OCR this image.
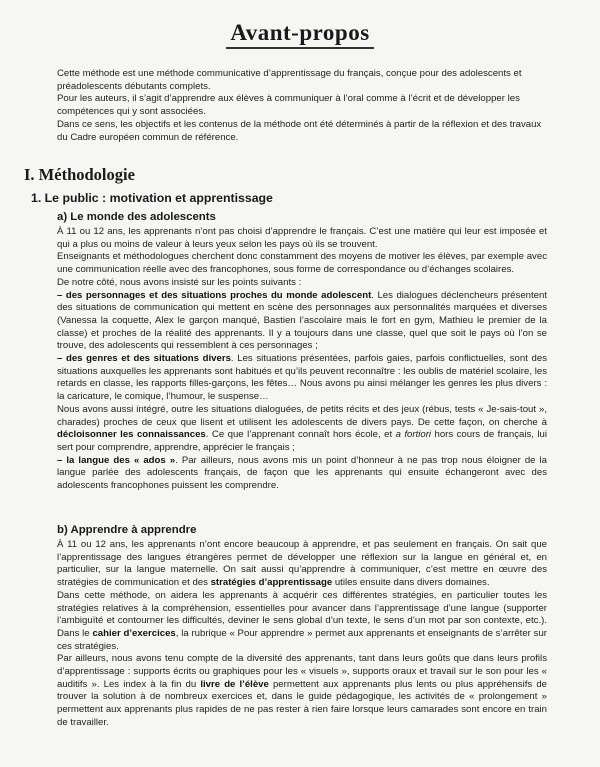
Avant-propos

Cette méthode est une méthode communicative d’apprentissage du français, conçue pour des adolescents et préadolescents débutants complets.

Pour les auteurs, il s’agit d’apprendre aux élèves à communiquer à l’oral comme à l’écrit et de développer les compétences qui y sont associées.

Dans ce sens, les objectifs et les contenus de la méthode ont été déterminés à partir de la réflexion et des travaux du Cadre européen commun de référence.

I. Méthodologie
1. Le public : motivation et apprentissage
a) Le monde des adolescents

À 11 ou 12 ans, les apprenants n’ont pas choisi d’apprendre le français. C’est une matière qui leur est imposée et qui a plus ou moins de valeur à leurs yeux selon les pays où ils se trouvent.

Enseignants et méthodologues cherchent donc constamment des moyens de motiver les élèves, par exemple avec une communication réelle avec des francophones, sous forme de correspondance ou d’échanges scolaires.

De notre côté, nous avons insisté sur les points suivants :

– des personnages et des situations proches du monde adolescent. Les dialogues déclencheurs présentent des situations de communication qui mettent en scène des personnages aux personnalités marquées et diverses (Vanessa la coquette, Alex le garçon manqué, Bastien l’ascolaire mais le fort en gym, Mathieu le premier de la classe) et proches de la réalité des apprenants. Il y a toujours dans une classe, quel que soit le pays où l’on se trouve, des adolescents qui ressemblent à ces personnages ;

– des genres et des situations divers. Les situations présentées, parfois gaies, parfois conflictuelles, sont des situations auxquelles les apprenants sont habitués et qu’ils peuvent reconnaître : les oublis de matériel scolaire, les retards en classe, les rapports filles-garçons, les fêtes… Nous avons pu ainsi mélanger les genres les plus divers : la caricature, le comique, l’humour, le suspense…

Nous avons aussi intégré, outre les situations dialoguées, de petits récits et des jeux (rébus, tests « Je-sais-tout », charades) proches de ceux que lisent et utilisent les adolescents de divers pays. De cette façon, on cherche à décloisonner les connaissances. Ce que l’apprenant connaît hors école, et a fortiori hors cours de français, lui sert pour comprendre, apprendre, apprécier le français ;

– la langue des « ados ». Par ailleurs, nous avons mis un point d’honneur à ne pas trop nous éloigner de la langue parlée des adolescents français, de façon que les apprenants qui ensuite échangeront avec des adolescents francophones puissent les comprendre.

b) Apprendre à apprendre

À 11 ou 12 ans, les apprenants n’ont encore beaucoup à apprendre, et pas seulement en français. On sait que l’apprentissage des langues étrangères permet de développer une réflexion sur la langue en général et, en particulier, sur la langue maternelle. On sait aussi qu’apprendre à communiquer, c’est mettre en œuvre des stratégies de communication et des stratégies d’apprentissage utiles ensuite dans divers domaines.

Dans cette méthode, on aidera les apprenants à acquérir ces différentes stratégies, en particulier toutes les stratégies relatives à la compréhension, essentielles pour avancer dans l’apprentissage d’une langue (supporter l’ambiguïté et contourner les difficultés, deviner le sens global d’un texte, le sens d’un mot par son contexte, etc.). Dans le cahier d’exercices, la rubrique « Pour apprendre » permet aux apprenants et enseignants de s’arrêter sur ces stratégies.

Par ailleurs, nous avons tenu compte de la diversité des apprenants, tant dans leurs goûts que dans leurs profils d’apprentissage : supports écrits ou graphiques pour les « visuels », supports oraux et travail sur le son pour les « auditifs ». Les index à la fin du livre de l’élève permettent aux apprenants plus lents ou plus appréhensifs de trouver la solution à de nombreux exercices et, dans le guide pédagogique, les activités de « prolongement » permettent aux apprenants plus rapides de ne pas rester à rien faire lorsque leurs camarades sont encore en train de travailler.
